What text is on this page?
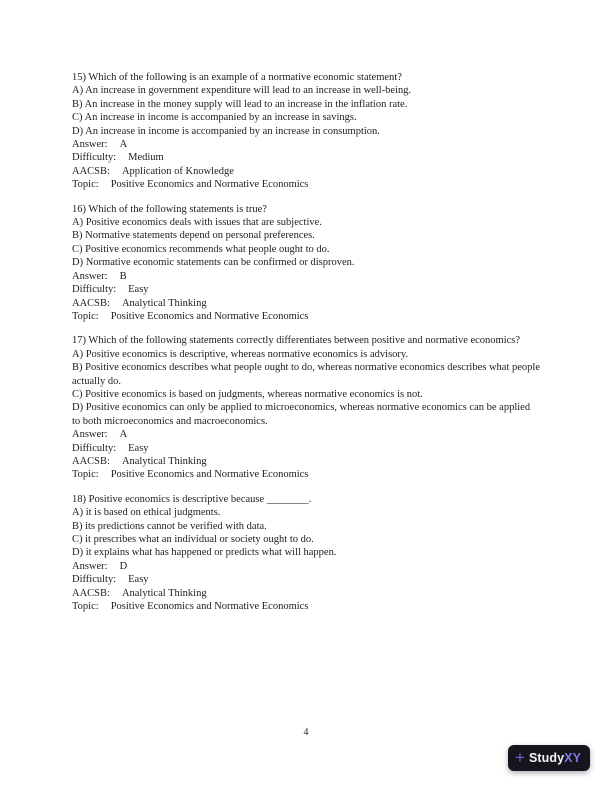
15) Which of the following is an example of a normative economic statement?

A) An increase in government expenditure will lead to an increase in well-being.

B) An increase in the money supply will lead to an increase in the inflation rate.

C) An increase in income is accompanied by an increase in savings.

D) An increase in income is accompanied by an increase in consumption.

Answer: A

Difficulty: Medium

AACSB: Application of Knowledge

Topic: Positive Economics and Normative Economics

16) Which of the following statements is true?

A) Positive economics deals with issues that are subjective.

B) Normative statements depend on personal preferences.

C) Positive economics recommends what people ought to do.

D) Normative economic statements can be confirmed or disproven.

Answer: B

Difficulty: Easy

AACSB: Analytical Thinking

Topic: Positive Economics and Normative Economics

17) Which of the following statements correctly differentiates between positive and normative economics?

A) Positive economics is descriptive, whereas normative economics is advisory.

B) Positive economics describes what people ought to do, whereas normative economics describes what people actually do.

C) Positive economics is based on judgments, whereas normative economics is not.

D) Positive economics can only be applied to microeconomics, whereas normative economics can be applied to both microeconomics and macroeconomics.

Answer: A

Difficulty: Easy

AACSB: Analytical Thinking

Topic: Positive Economics and Normative Economics

18) Positive economics is descriptive because ________.

A) it is based on ethical judgments.

B) its predictions cannot be verified with data.

C) it prescribes what an individual or society ought to do.

D) it explains what has happened or predicts what will happen.

Answer: D

Difficulty: Easy

AACSB: Analytical Thinking

Topic: Positive Economics and Normative Economics

4
+ Study XY
